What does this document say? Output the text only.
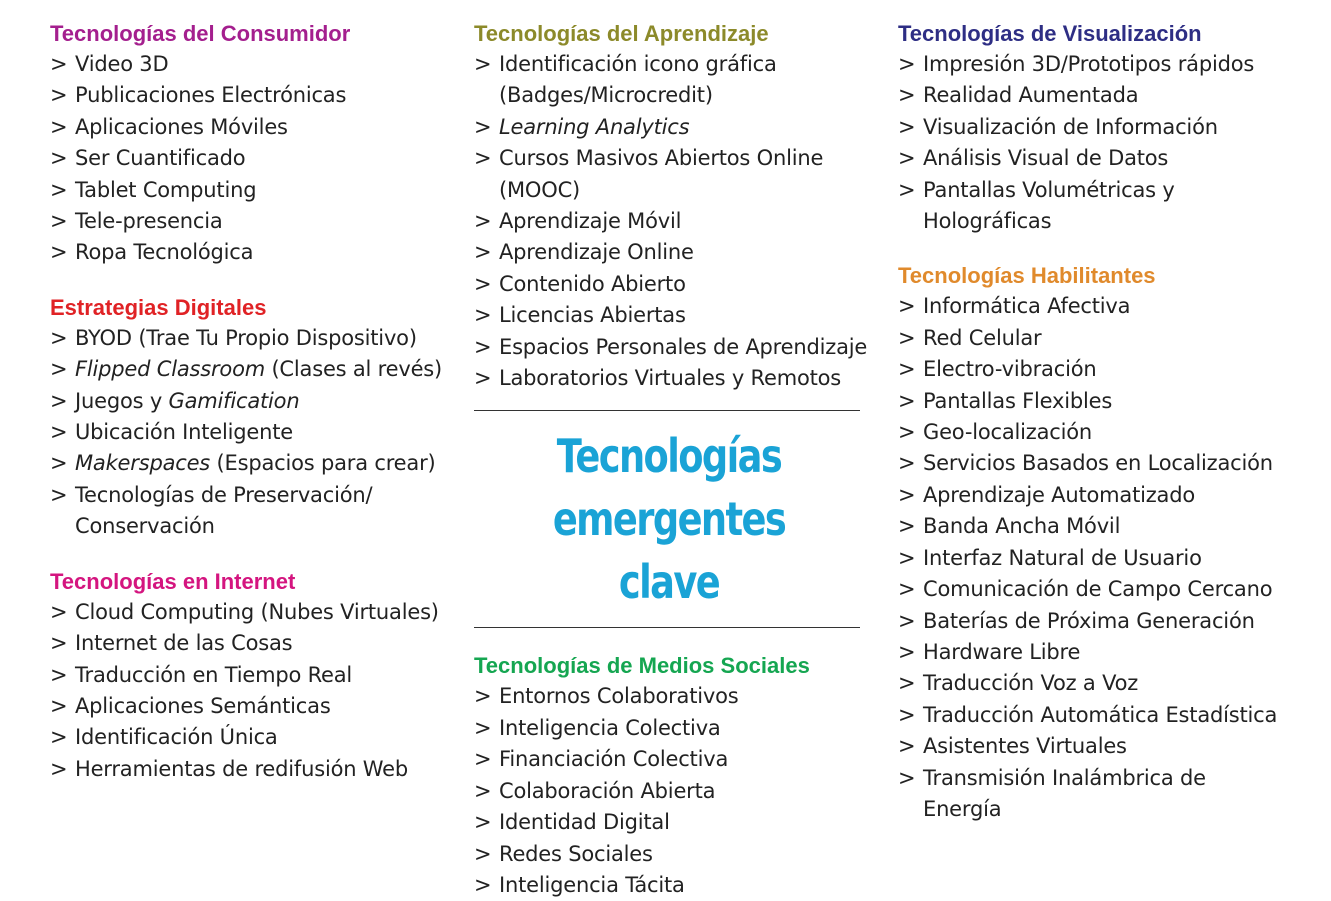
Tecnologías del Consumidor
> Video 3D
> Publicaciones Electrónicas
> Aplicaciones Móviles
> Ser Cuantificado
> Tablet Computing
> Tele-presencia
> Ropa Tecnológica
Estrategias Digitales
> BYOD (Trae Tu Propio Dispositivo)
> Flipped Classroom (Clases al revés)
> Juegos y Gamification
> Ubicación Inteligente
> Makerspaces (Espacios para crear)
> Tecnologías de Preservación/
Conservación
Tecnologías en Internet
> Cloud Computing (Nubes Virtuales)
> Internet de las Cosas
> Traducción en Tiempo Real
> Aplicaciones Semánticas
> Identificación Única
> Herramientas de redifusión Web
Tecnologías del Aprendizaje
> Identificación icono gráfica
(Badges/Microcredit)
> Learning Analytics
> Cursos Masivos Abiertos Online
(MOOC)
> Aprendizaje Móvil
> Aprendizaje Online
> Contenido Abierto
> Licencias Abiertas
> Espacios Personales de Aprendizaje
> Laboratorios Virtuales y Remotos
Tecnologías
emergentes clave
Tecnologías de Medios Sociales
> Entornos Colaborativos
> Inteligencia Colectiva
> Financiación Colectiva
> Colaboración Abierta
> Identidad Digital
> Redes Sociales
> Inteligencia Tácita
Tecnologías de Visualización
> Impresión 3D/Prototipos rápidos
> Realidad Aumentada
> Visualización de Información
> Análisis Visual de Datos
> Pantallas Volumétricas y
Holográficas
Tecnologías Habilitantes
> Informática Afectiva
> Red Celular
> Electro-vibración
> Pantallas Flexibles
> Geo-localización
> Servicios Basados en Localización
> Aprendizaje Automatizado
> Banda Ancha Móvil
> Interfaz Natural de Usuario
> Comunicación de Campo Cercano
> Baterías de Próxima Generación
> Hardware Libre
> Traducción Voz a Voz
> Traducción Automática Estadística
> Asistentes Virtuales
> Transmisión Inalámbrica de
Energía
